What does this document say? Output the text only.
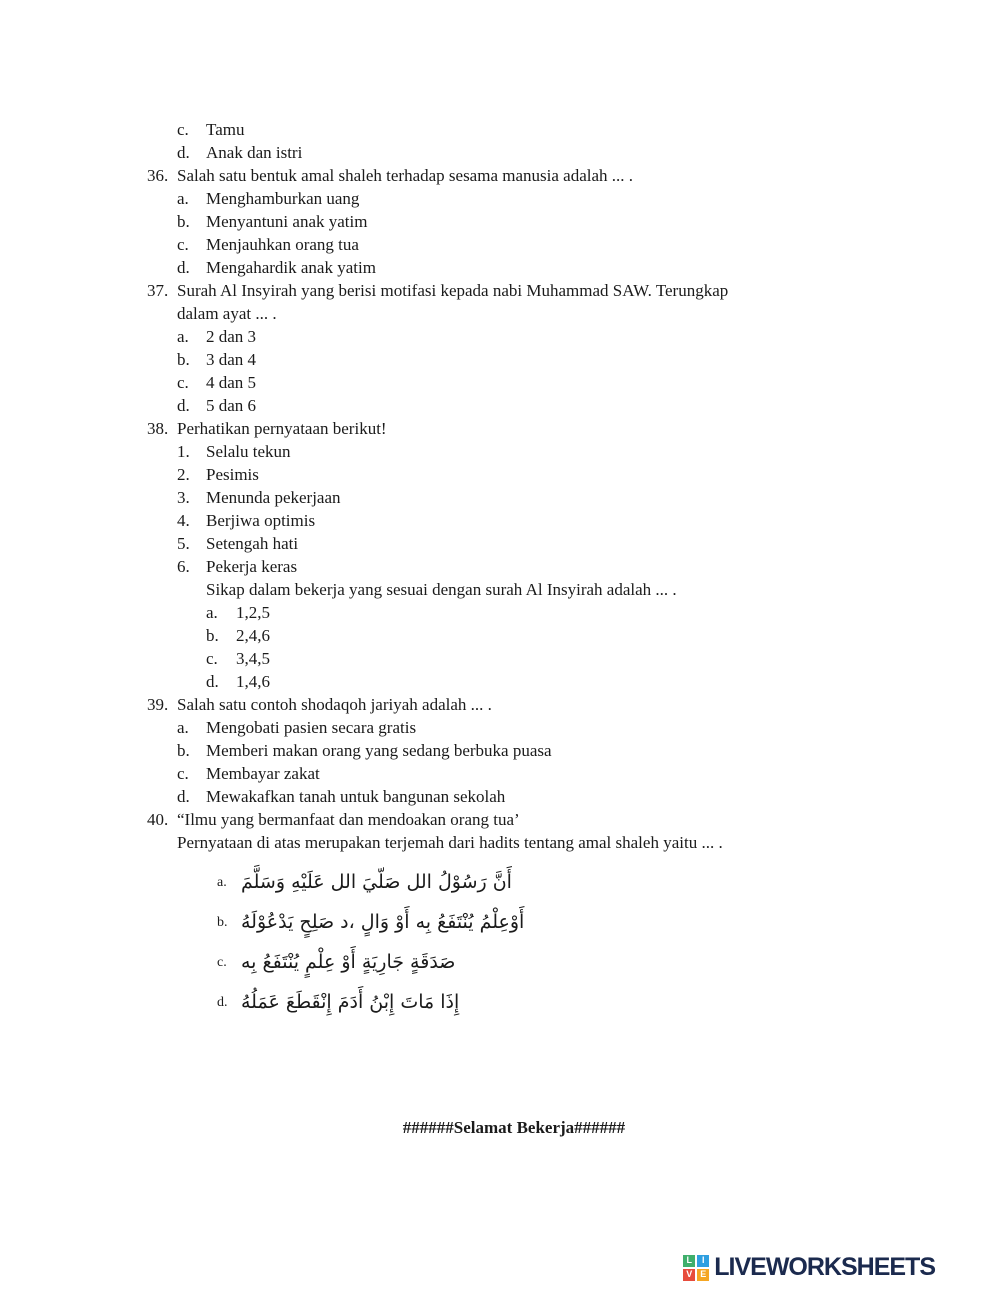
c.	Tamu
d. Anak dan istri
36. Salah satu bentuk amal shaleh terhadap sesama manusia adalah ... .
a.	Menghamburkan uang
b. Menyantuni anak yatim
c.	Menjauhkan orang tua
d. Mengahardik anak yatim
37. Surah Al Insyirah yang berisi motifasi kepada nabi Muhammad SAW. Terungkap
dalam ayat ... .
a.	2 dan 3
b. 3 dan 4
c.	4 dan 5
d. 5 dan 6
38. Perhatikan pernyataan berikut!
1. Selalu tekun
2. Pesimis
3. Menunda pekerjaan
4. Berjiwa optimis
5. Setengah hati
6. Pekerja keras
Sikap dalam bekerja yang sesuai dengan surah Al Insyirah adalah ... .
a.	1,2,5
b.	2,4,6
c.	3,4,5
d.	1,4,6
39. Salah satu contoh shodaqoh jariyah adalah ... .
a.	Mengobati pasien secara gratis
b. Memberi makan orang yang sedang berbuka puasa
c.	Membayar zakat
d. Mewakafkan tanah untuk bangunan sekolah
40. “Ilmu yang bermanfaat dan mendoakan orang tua’
Pernyataan di atas merupakan terjemah dari hadits tentang amal shaleh yaitu ... .
a. أَنَّ رَسُوْلُ الل صَلّيَ الل عَلَيْهِ وَسَلَّمَ
b. أَوْعِلْمُ يُنْتَفَعُ بِه أَوْ وَالٍ ،د صَلِحٍ يَدْعُوْلَهُ
c. صَدَقَةٍ جَارِيَةٍ أَوْ عِلْمٍ يُنْتَفَعُ بِه
d. إِذَا مَاتَ إِبْنُ أَدَمَ إِنْقَطَعَ عَمَلُهُ
######Selamat Bekerja######
L	I
V E LIVEWORKSHEETS
